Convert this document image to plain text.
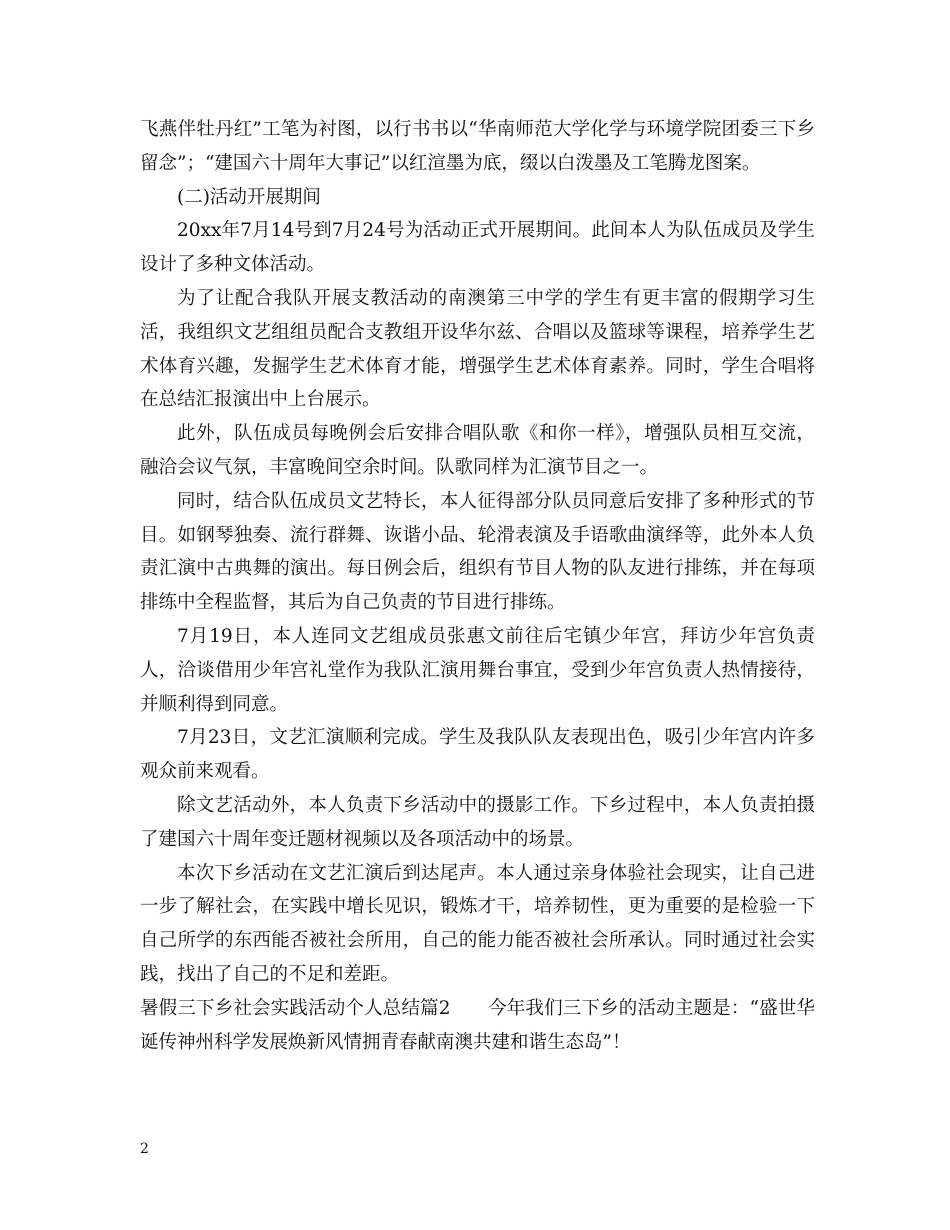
飞燕伴牡丹红”工笔为衬图，以行书书以“华南师范大学化学与环境学院团委三下乡留念”；“建国六十周年大事记”以红渲墨为底，缀以白泼墨及工笔腾龙图案。

(二)活动开展期间

20xx年7月14号到7月24号为活动正式开展期间。此间本人为队伍成员及学生设计了多种文体活动。

为了让配合我队开展支教活动的南澳第三中学的学生有更丰富的假期学习生活，我组织文艺组组员配合支教组开设华尔兹、合唱以及篮球等课程，培养学生艺术体育兴趣，发掘学生艺术体育才能，增强学生艺术体育素养。同时，学生合唱将在总结汇报演出中上台展示。

此外，队伍成员每晚例会后安排合唱队歌《和你一样》，增强队员相互交流，融洽会议气氛，丰富晚间空余时间。队歌同样为汇演节目之一。

同时，结合队伍成员文艺特长，本人征得部分队员同意后安排了多种形式的节目。如钢琴独奏、流行群舞、诙谐小品、轮滑表演及手语歌曲演绎等，此外本人负责汇演中古典舞的演出。每日例会后，组织有节目人物的队友进行排练，并在每项排练中全程监督，其后为自己负责的节目进行排练。

7月19日，本人连同文艺组成员张惠文前往后宅镇少年宫，拜访少年宫负责人，洽谈借用少年宫礼堂作为我队汇演用舞台事宜，受到少年宫负责人热情接待，并顺利得到同意。

7月23日，文艺汇演顺利完成。学生及我队队友表现出色，吸引少年宫内许多观众前来观看。

除文艺活动外，本人负责下乡活动中的摄影工作。下乡过程中，本人负责拍摄了建国六十周年变迁题材视频以及各项活动中的场景。

本次下乡活动在文艺汇演后到达尾声。本人通过亲身体验社会现实，让自己进一步了解社会，在实践中增长见识，锻炼才干，培养韧性，更为重要的是检验一下自己所学的东西能否被社会所用，自己的能力能否被社会所承认。同时通过社会实践，找出了自己的不足和差距。

暑假三下乡社会实践活动个人总结篇2　　今年我们三下乡的活动主题是：“盛世华诞传神州科学发展焕新风情拥青春献南澳共建和谐生态岛”！

2
